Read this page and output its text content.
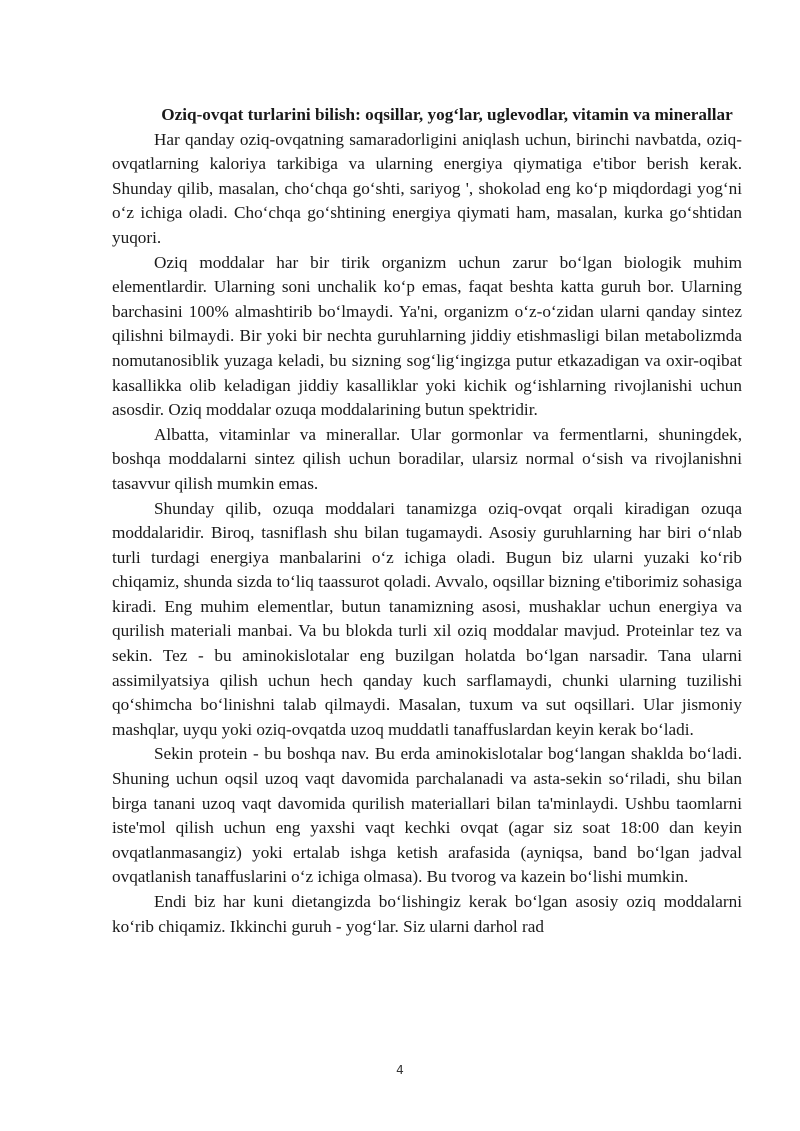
Oziq-ovqat turlarini bilish: oqsillar, yog‘lar, uglevodlar, vitamin va minerallar

Har qanday oziq-ovqatning samaradorligini aniqlash uchun, birinchi navbatda, oziq-ovqatlarning kaloriya tarkibiga va ularning energiya qiymatiga e'tibor berish kerak. Shunday qilib, masalan, cho‘chqa go‘shti, sariyog ', shokolad eng ko‘p miqdordagi yog‘ni o‘z ichiga oladi. Cho‘chqa go‘shtining energiya qiymati ham, masalan, kurka go‘shtidan yuqori.

Oziq moddalar har bir tirik organizm uchun zarur bo‘lgan biologik muhim elementlardir. Ularning soni unchalik ko‘p emas, faqat beshta katta guruh bor. Ularning barchasini 100% almashtirib bo‘lmaydi. Ya'ni, organizm o‘z-o‘zidan ularni qanday sintez qilishni bilmaydi. Bir yoki bir nechta guruhlarning jiddiy etishmasligi bilan metabolizmda nomutanosiblik yuzaga keladi, bu sizning sog‘lig‘ingizga putur etkazadigan va oxir-oqibat kasallikka olib keladigan jiddiy kasalliklar yoki kichik og‘ishlarning rivojlanishi uchun asosdir. Oziq moddalar ozuqa moddalarining butun spektridir.

Albatta, vitaminlar va minerallar. Ular gormonlar va fermentlarni, shuningdek, boshqa moddalarni sintez qilish uchun boradilar, ularsiz normal o‘sish va rivojlanishni tasavvur qilish mumkin emas.

Shunday qilib, ozuqa moddalari tanamizga oziq-ovqat orqali kiradigan ozuqa moddalaridir. Biroq, tasniflash shu bilan tugamaydi. Asosiy guruhlarning har biri o‘nlab turli turdagi energiya manbalarini o‘z ichiga oladi. Bugun biz ularni yuzaki ko‘rib chiqamiz, shunda sizda to‘liq taassurot qoladi. Avvalo, oqsillar bizning e'tiborimiz sohasiga kiradi. Eng muhim elementlar, butun tanamizning asosi, mushaklar uchun energiya va qurilish materiali manbai. Va bu blokda turli xil oziq moddalar mavjud. Proteinlar tez va sekin. Tez - bu aminokislotalar eng buzilgan holatda bo‘lgan narsadir. Tana ularni assimilyatsiya qilish uchun hech qanday kuch sarflamaydi, chunki ularning tuzilishi qo‘shimcha bo‘linishni talab qilmaydi. Masalan, tuxum va sut oqsillari. Ular jismoniy mashqlar, uyqu yoki oziq-ovqatda uzoq muddatli tanaffuslardan keyin kerak bo‘ladi.

Sekin protein - bu boshqa nav. Bu erda aminokislotalar bog‘langan shaklda bo‘ladi. Shuning uchun oqsil uzoq vaqt davomida parchalanadi va asta-sekin so‘riladi, shu bilan birga tanani uzoq vaqt davomida qurilish materiallari bilan ta'minlaydi. Ushbu taomlarni iste'mol qilish uchun eng yaxshi vaqt kechki ovqat (agar siz soat 18:00 dan keyin ovqatlanmasangiz) yoki ertalab ishga ketish arafasida (ayniqsa, band bo‘lgan jadval ovqatlanish tanaffuslarini o‘z ichiga olmasa). Bu tvorog va kazein bo‘lishi mumkin.

Endi biz har kuni dietangizda bo‘lishingiz kerak bo‘lgan asosiy oziq moddalarni ko‘rib chiqamiz. Ikkinchi guruh - yog‘lar. Siz ularni darhol rad

4
